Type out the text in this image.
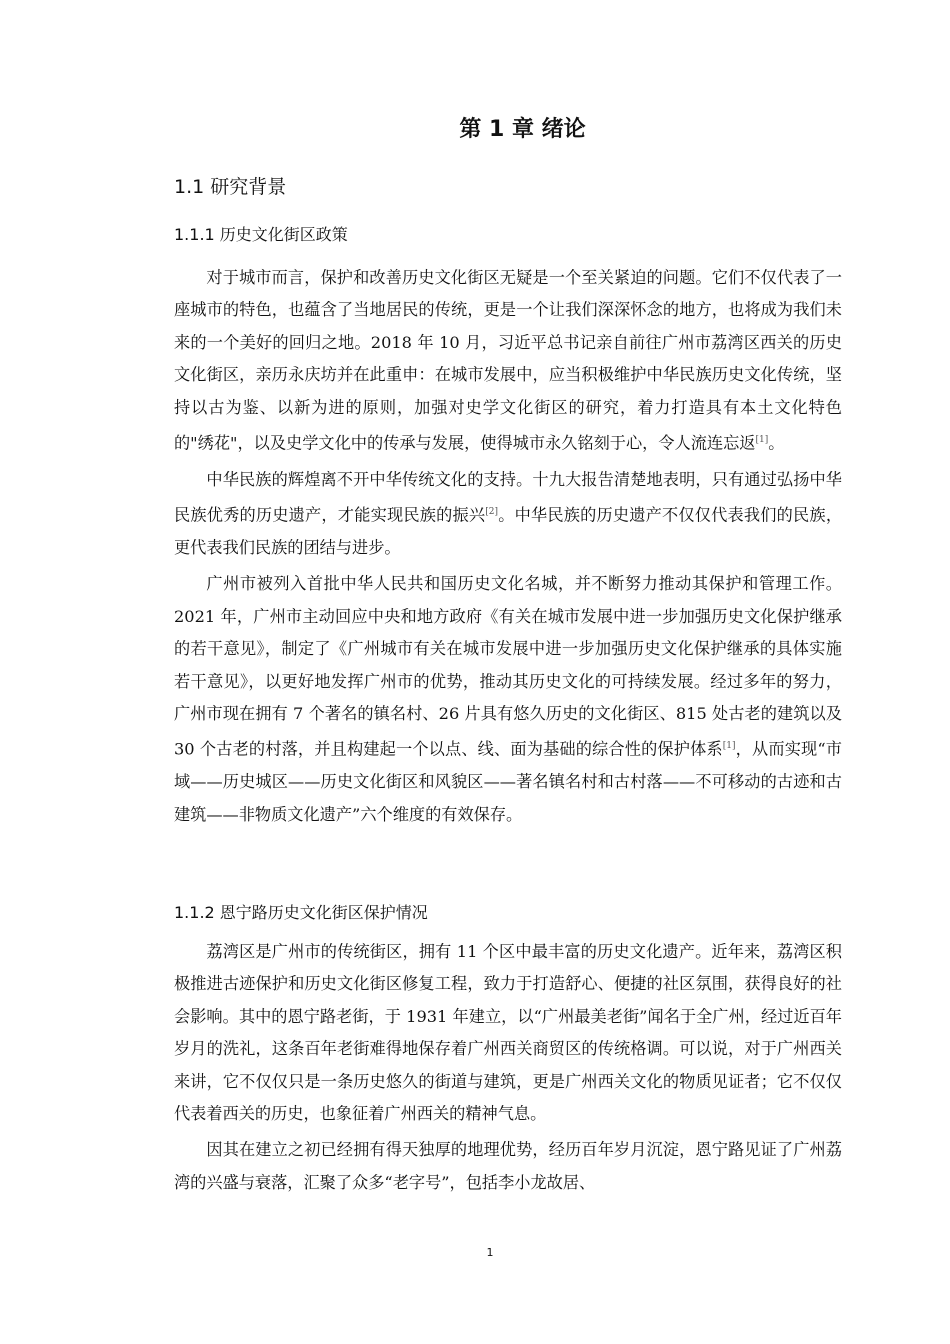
第 1 章 绪论
1.1 研究背景
1.1.1 历史文化街区政策

对于城市而言，保护和改善历史文化街区无疑是一个至关紧迫的问题。它们不仅代表了一座城市的特色，也蕴含了当地居民的传统，更是一个让我们深深怀念的地方，也将成为我们未来的一个美好的回归之地。2018 年 10 月，习近平总书记亲自前往广州市荔湾区西关的历史文化街区，亲历永庆坊并在此重申：在城市发展中，应当积极维护中华民族历史文化传统，坚持以古为鉴、以新为进的原则，加强对史学文化街区的研究，着力打造具有本土文化特色的"绣花"，以及史学文化中的传承与发展，使得城市永久铭刻于心，令人流连忘返[1]。

中华民族的辉煌离不开中华传统文化的支持。十九大报告清楚地表明，只有通过弘扬中华民族优秀的历史遗产，才能实现民族的振兴[2]。中华民族的历史遗产不仅仅代表我们的民族，更代表我们民族的团结与进步。

广州市被列入首批中华人民共和国历史文化名城，并不断努力推动其保护和管理工作。2021 年，广州市主动回应中央和地方政府《有关在城市发展中进一步加强历史文化保护继承的若干意见》，制定了《广州城市有关在城市发展中进一步加强历史文化保护继承的具体实施若干意见》，以更好地发挥广州市的优势，推动其历史文化的可持续发展。经过多年的努力，广州市现在拥有 7 个著名的镇名村、26 片具有悠久历史的文化街区、815 处古老的建筑以及 30 个古老的村落，并且构建起一个以点、线、面为基础的综合性的保护体系[1]，从而实现“市域——历史城区——历史文化街区和风貌区——著名镇名村和古村落——不可移动的古迹和古建筑——非物质文化遗产”六个维度的有效保存。

1.1.2 恩宁路历史文化街区保护情况

荔湾区是广州市的传统街区，拥有 11 个区中最丰富的历史文化遗产。近年来，荔湾区积极推进古迹保护和历史文化街区修复工程，致力于打造舒心、便捷的社区氛围，获得良好的社会影响。其中的恩宁路老街，于 1931 年建立，以“广州最美老街”闻名于全广州，经过近百年岁月的洗礼，这条百年老街难得地保存着广州西关商贸区的传统格调。可以说，对于广州西关来讲，它不仅仅只是一条历史悠久的街道与建筑，更是广州西关文化的物质见证者；它不仅仅代表着西关的历史，也象征着广州西关的精神气息。

因其在建立之初已经拥有得天独厚的地理优势，经历百年岁月沉淀，恩宁路见证了广州荔湾的兴盛与衰落，汇聚了众多“老字号”，包括李小龙故居、

1
